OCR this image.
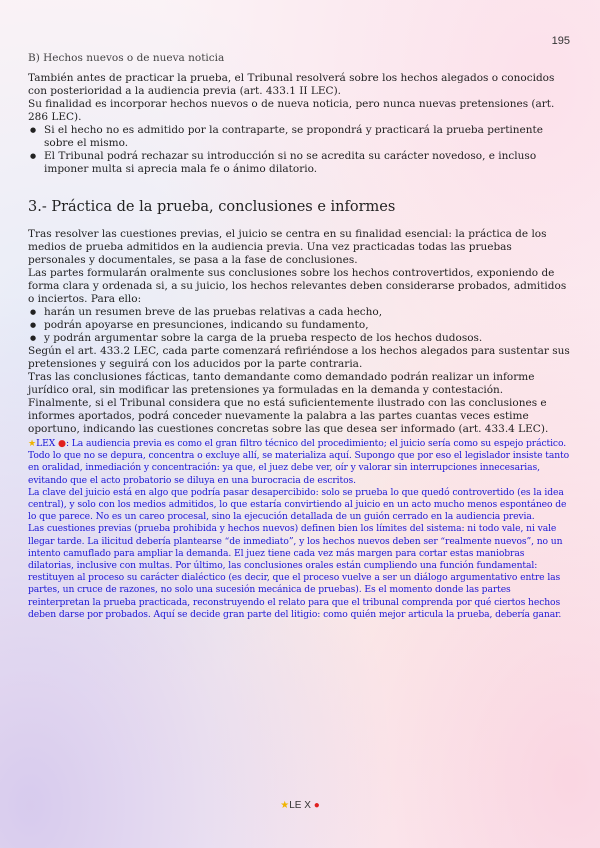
195
B) Hechos nuevos o de nueva noticia

También antes de practicar la prueba, el Tribunal resolverá sobre los hechos alegados o conocidos con posterioridad a la audiencia previa (art. 433.1 II LEC).

Su finalidad es incorporar hechos nuevos o de nueva noticia, pero nunca nuevas pretensiones (art. 286 LEC).

● Si el hecho no es admitido por la contraparte, se propondrá y practicará la prueba pertinente sobre el mismo.
● El Tribunal podrá rechazar su introducción si no se acredita su carácter novedoso, e incluso imponer multa si aprecia mala fe o ánimo dilatorio.
3.- Práctica de la prueba, conclusiones e informes

Tras resolver las cuestiones previas, el juicio se centra en su finalidad esencial: la práctica de los medios de prueba admitidos en la audiencia previa. Una vez practicadas todas las pruebas personales y documentales, se pasa a la fase de conclusiones.

Las partes formularán oralmente sus conclusiones sobre los hechos controvertidos, exponiendo de forma clara y ordenada si, a su juicio, los hechos relevantes deben considerarse probados, admitidos o inciertos. Para ello:

● harán un resumen breve de las pruebas relativas a cada hecho,
● podrán apoyarse en presunciones, indicando su fundamento,
● y podrán argumentar sobre la carga de la prueba respecto de los hechos dudosos.

Según el art. 433.2 LEC, cada parte comenzará refiriéndose a los hechos alegados para sustentar sus pretensiones y seguirá con los aducidos por la parte contraria.

Tras las conclusiones fácticas, tanto demandante como demandado podrán realizar un informe jurídico oral, sin modificar las pretensiones ya formuladas en la demanda y contestación.

Finalmente, si el Tribunal considera que no está suficientemente ilustrado con las conclusiones e informes aportados, podrá conceder nuevamente la palabra a las partes cuantas veces estime oportuno, indicando las cuestiones concretas sobre las que desea ser informado (art. 433.4 LEC).

★LEX ●: La audiencia previa es como el gran filtro técnico del procedimiento; el juicio sería como su espejo práctico. Todo lo que no se depura, concentra o excluye allí, se materializa aquí. Supongo que por eso el legislador insiste tanto en oralidad, inmediación y concentración: ya que, el juez debe ver, oír y valorar sin interrupciones innecesarias, evitando que el acto probatorio se diluya en una burocracia de escritos.

La clave del juicio está en algo que podría pasar desapercibido: solo se prueba lo que quedó controvertido (es la idea central), y solo con los medios admitidos, lo que estaría convirtiendo al juicio en un acto mucho menos espontáneo de lo que parece. No es un careo procesal, sino la ejecución detallada de un guión cerrado en la audiencia previa.

Las cuestiones previas (prueba prohibida y hechos nuevos) definen bien los límites del sistema: ni todo vale, ni vale llegar tarde. La ilicitud debería plantearse “de inmediato”, y los hechos nuevos deben ser “realmente nuevos”, no un intento camuflado para ampliar la demanda. El juez tiene cada vez más margen para cortar estas maniobras dilatorias, inclusive con multas. Por último, las conclusiones orales están cumpliendo una función fundamental: restituyen al proceso su carácter dialéctico (es decir, que el proceso vuelve a ser un diálogo argumentativo entre las partes, un cruce de razones, no solo una sucesión mecánica de pruebas). Es el momento donde las partes reinterpretan la prueba practicada, reconstruyendo el relato para que el tribunal comprenda por qué ciertos hechos deben darse por probados. Aquí se decide gran parte del litigio: como quién mejor articula la prueba, debería ganar.

★LE X ●
